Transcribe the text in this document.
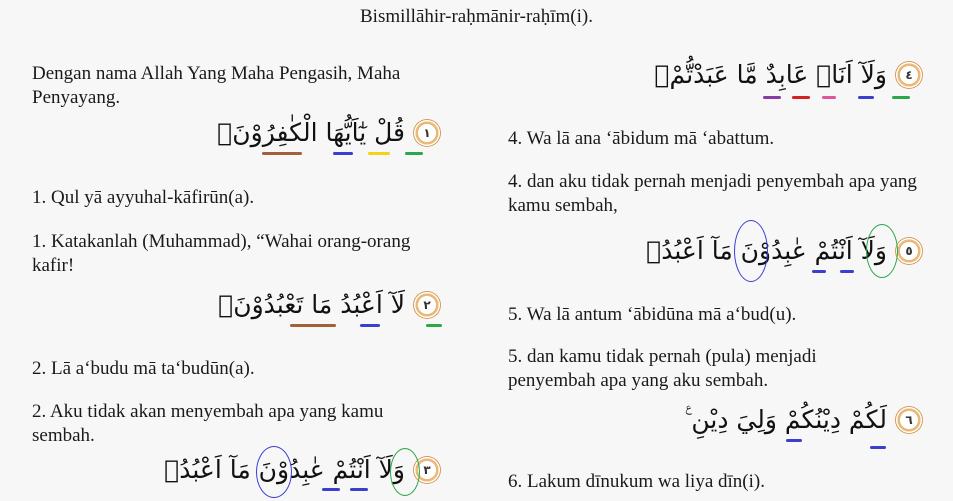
Bismillāhir-raḥmānir-raḥīm(i).
Dengan nama Allah Yang Maha Pengasih, Maha Penyayang.
١
قُلْ يٰٓاَيُّهَا الْكٰفِرُوْنَۙ
1. Qul yā ayyuhal-kāfirūn(a).
1. Katakanlah (Muhammad), “Wahai orang-orang kafir!
٢
لَآ اَعْبُدُ مَا تَعْبُدُوْنَۙ
2. Lā a‘budu mā ta‘budūn(a).
2. Aku tidak akan menyembah apa yang kamu sembah.
٣
وَلَآ اَنْتُمْ عٰبِدُوْنَ مَآ اَعْبُدُۚ
٤
وَلَآ اَنَا۠ عَابِدٌ مَّا عَبَدْتُّمْۙ
4. Wa lā ana ‘ābidum mā ‘abattum.
4. dan aku tidak pernah menjadi penyembah apa yang kamu sembah,
٥
وَلَآ اَنْتُمْ عٰبِدُوْنَ مَآ اَعْبُدُۗ
5. Wa lā antum ‘ābidūna mā a‘bud(u).
5. dan kamu tidak pernah (pula) menjadi penyembah apa yang aku sembah.
٦
لَكُمْ دِيْنُكُمْ وَلِيَ دِيْنِ ࣖ
6. Lakum dīnukum wa liya dīn(i).
